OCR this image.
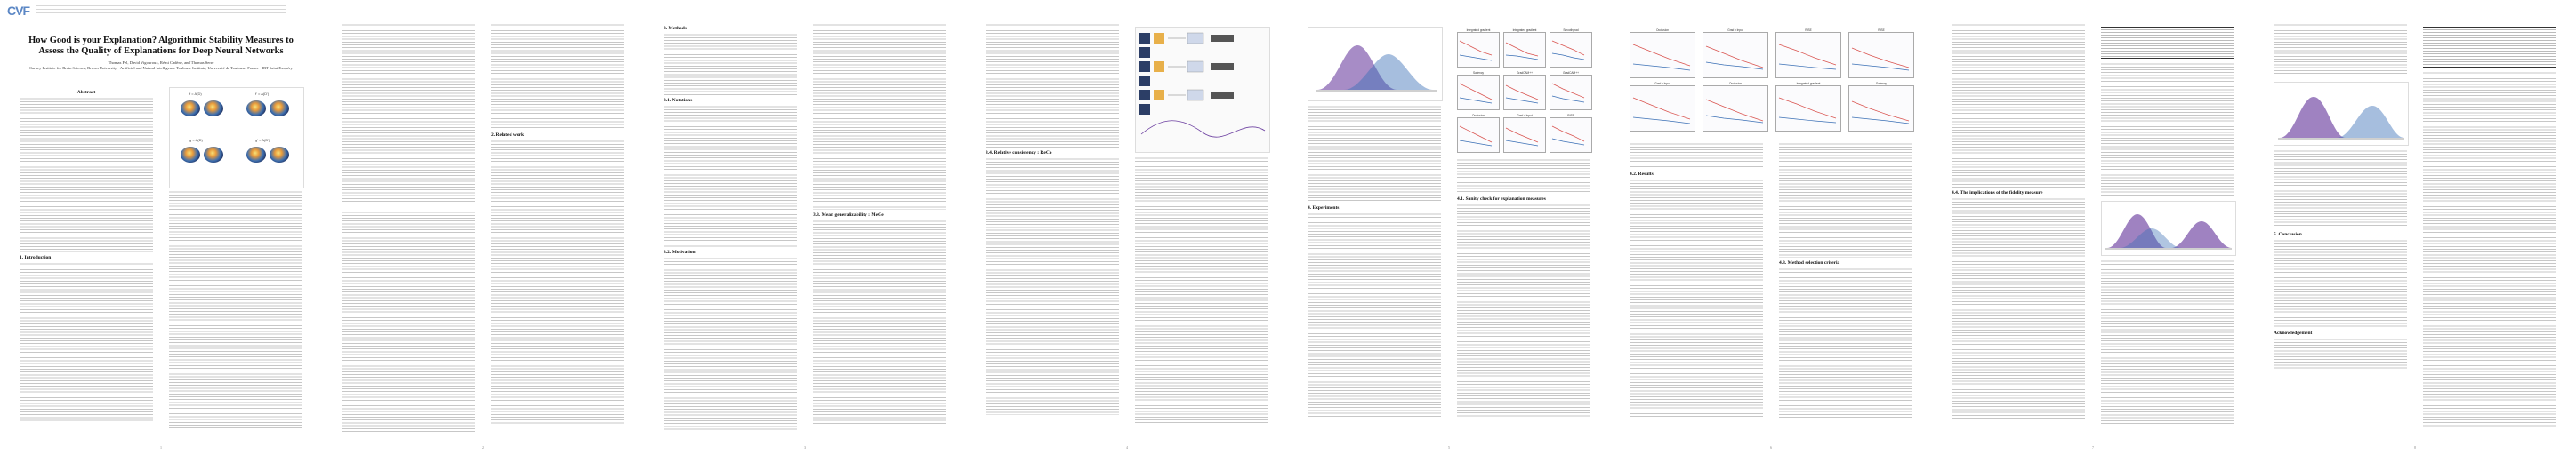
CVF
How Good is your Explanation? Algorithmic Stability Measures to Assess the Quality of Explanations for Deep Neural Networks
Thomas Fel, David Vigouroux, Rémi Cadène, and Thomas Serre
Carney Institute for Brain Science, Brown University · Artificial and Natural Intelligence Toulouse Institute, Université de Toulouse, France · IRT Saint Exupéry
Abstract
1. Introduction
f = A(D)	f' = A(D')
g = A(D)	g' = A(D')
1
2. Related work
2
3. Methods
3.1. Notations
3.2. Motivation
3.3. Mean generalizability : MeGe
3
3.4. Relative consistency : ReCo
4
4. Experiments
Integrated gradient	Integrated gradient	Smoothgrad
Saliency	GradCAM++	GradCAM++
Occlusion	Grad x Input	RISE
4.1. Sanity check for explanation measures
5
Occlusion	Grad x Input	RISE	RISE
Grad x Input	Occlusion	Integrated gradient	Saliency
4.2. Results
4.3. Method selection criteria
6
4.4. The implications of the fidelity measure
7
5. Conclusion
Acknowledgement
8
